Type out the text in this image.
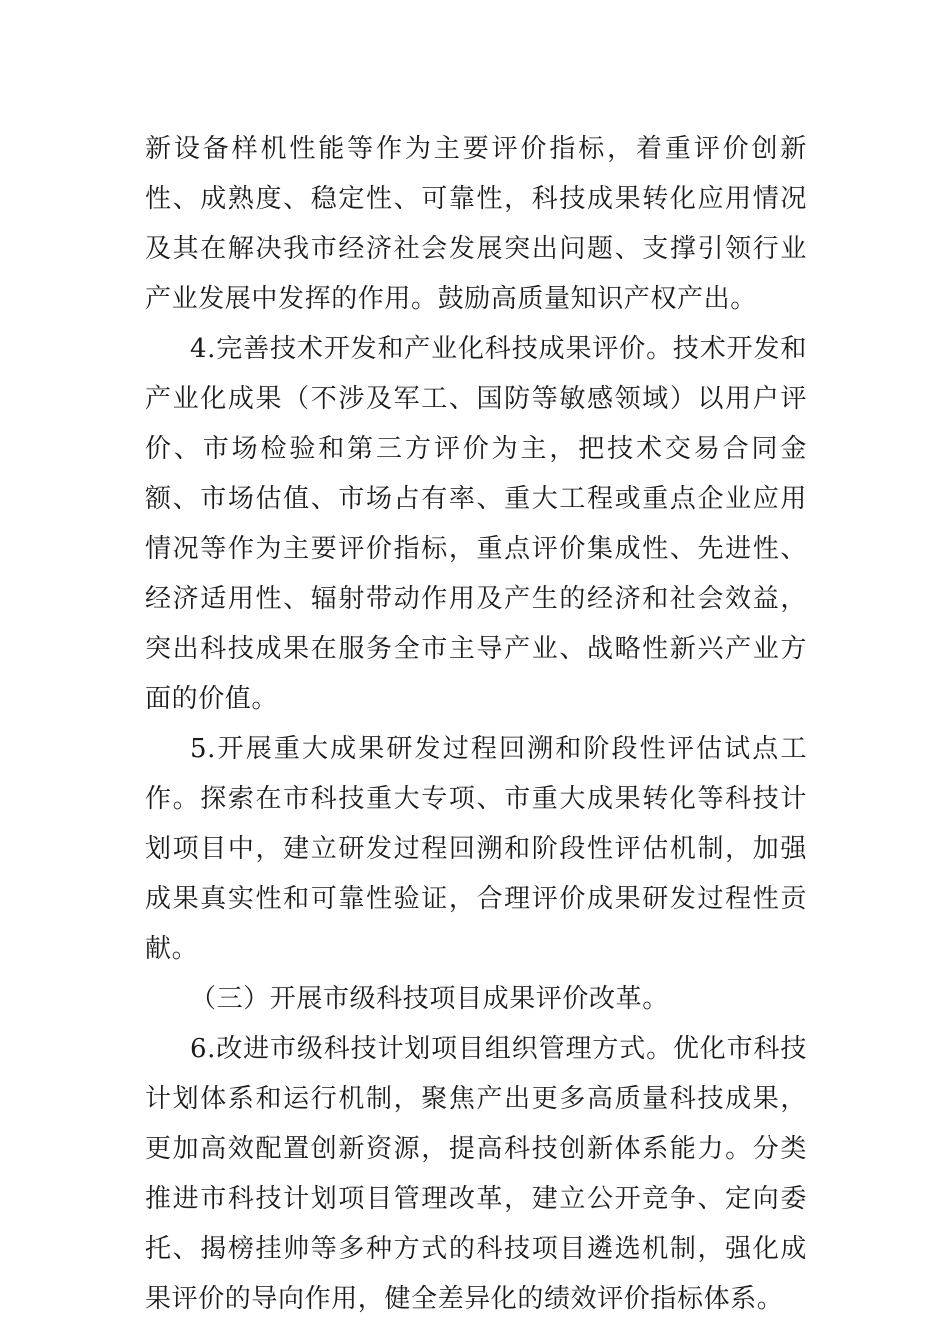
新设备样机性能等作为主要评价指标，着重评价创新性、成熟度、稳定性、可靠性，科技成果转化应用情况及其在解决我市经济社会发展突出问题、支撑引领行业产业发展中发挥的作用。鼓励高质量知识产权产出。

4.完善技术开发和产业化科技成果评价。技术开发和产业化成果（不涉及军工、国防等敏感领域）以用户评价、市场检验和第三方评价为主，把技术交易合同金额、市场估值、市场占有率、重大工程或重点企业应用情况等作为主要评价指标，重点评价集成性、先进性、经济适用性、辐射带动作用及产生的经济和社会效益，突出科技成果在服务全市主导产业、战略性新兴产业方面的价值。

5.开展重大成果研发过程回溯和阶段性评估试点工作。探索在市科技重大专项、市重大成果转化等科技计划项目中，建立研发过程回溯和阶段性评估机制，加强成果真实性和可靠性验证，合理评价成果研发过程性贡献。

（三）开展市级科技项目成果评价改革。

6.改进市级科技计划项目组织管理方式。优化市科技计划体系和运行机制，聚焦产出更多高质量科技成果，更加高效配置创新资源，提高科技创新体系能力。分类推进市科技计划项目管理改革，建立公开竞争、定向委托、揭榜挂帅等多种方式的科技项目遴选机制，强化成果评价的导向作用，健全差异化的绩效评价指标体系。
